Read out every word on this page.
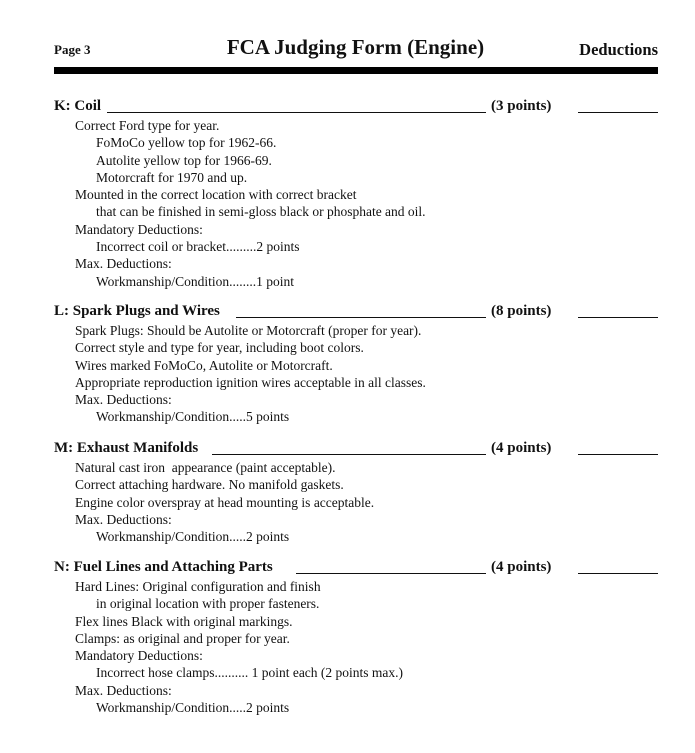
Page 3	FCA Judging Form (Engine)	Deductions
K: Coil	(3 points)
Correct Ford type for year.
FoMoCo yellow top for 1962-66.
Autolite yellow top for 1966-69.
Motorcraft for 1970 and up.
Mounted in the correct location with correct bracket
that can be finished in semi-gloss black or phosphate and oil.
Mandatory Deductions:
Incorrect coil or bracket.........2 points
Max. Deductions:
Workmanship/Condition........1 point
L: Spark Plugs and Wires	(8 points)
Spark Plugs: Should be Autolite or Motorcraft (proper for year).
Correct style and type for year, including boot colors.
Wires marked FoMoCo, Autolite or Motorcraft.
Appropriate reproduction ignition wires acceptable in all classes.
Max. Deductions:
Workmanship/Condition.....5 points
M: Exhaust Manifolds	(4 points)
Natural cast iron  appearance (paint acceptable).
Correct attaching hardware. No manifold gaskets.
Engine color overspray at head mounting is acceptable.
Max. Deductions:
Workmanship/Condition.....2 points
N: Fuel Lines and Attaching Parts	(4 points)
Hard Lines: Original configuration and finish
in original location with proper fasteners.
Flex lines Black with original markings.
Clamps: as original and proper for year.
Mandatory Deductions:
Incorrect hose clamps.......... 1 point each (2 points max.)
Max. Deductions:
Workmanship/Condition.....2 points
